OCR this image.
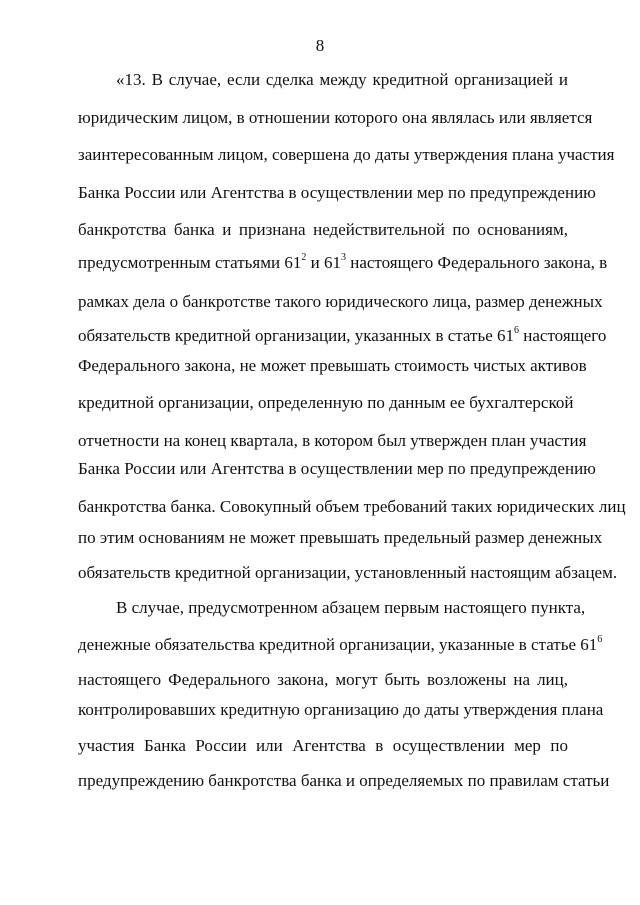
8
«13. В случае, если сделка между кредитной организацией и
юридическим лицом, в отношении которого она являлась или является
заинтересованным лицом, совершена до даты утверждения плана участия
Банка России или Агентства в осуществлении мер по предупреждению
банкротства банка и признана недействительной по основаниям,
предусмотренным статьями $61^2$ и $61^3$ настоящего Федерального закона, в
рамках дела о банкротстве такого юридического лица, размер денежных
обязательств кредитной организации, указанных в статье $61^6$ настоящего
Федерального закона, не может превышать стоимость чистых активов
кредитной организации, определенную по данным ее бухгалтерской
отчетности на конец квартала, в котором был утвержден план участия
Банка России или Агентства в осуществлении мер по предупреждению
банкротства банка. Совокупный объем требований таких юридических лиц
по этим основаниям не может превышать предельный размер денежных
обязательств кредитной организации, установленный настоящим абзацем.
В случае, предусмотренном абзацем первым настоящего пункта,
денежные обязательства кредитной организации, указанные в статье $61^6$
настоящего Федерального закона, могут быть возложены на лиц,
контролировавших кредитную организацию до даты утверждения плана
участия Банка России или Агентства в осуществлении мер по
предупреждению банкротства банка и определяемых по правилам статьи
